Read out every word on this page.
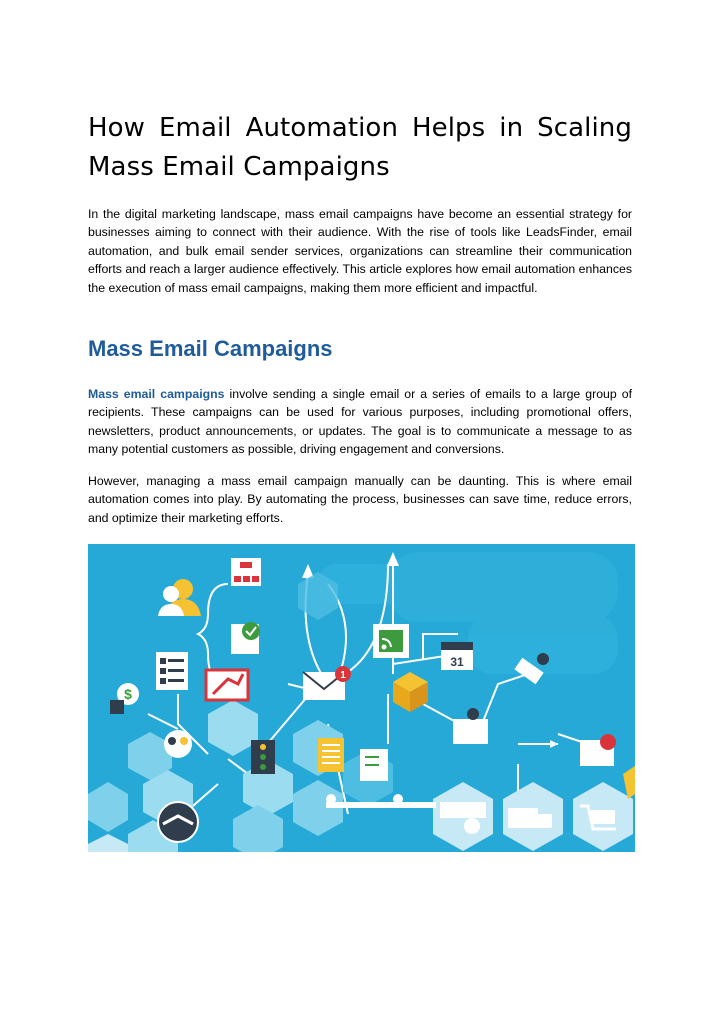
How Email Automation Helps in Scaling Mass Email Campaigns

In the digital marketing landscape, mass email campaigns have become an essential strategy for businesses aiming to connect with their audience. With the rise of tools like LeadsFinder, email automation, and bulk email sender services, organizations can streamline their communication efforts and reach a larger audience effectively. This article explores how email automation enhances the execution of mass email campaigns, making them more efficient and impactful.

Mass Email Campaigns

Mass email campaigns involve sending a single email or a series of emails to a large group of recipients. These campaigns can be used for various purposes, including promotional offers, newsletters, product announcements, or updates. The goal is to communicate a message to as many potential customers as possible, driving engagement and conversions.

However, managing a mass email campaign manually can be daunting. This is where email automation comes into play. By automating the process, businesses can save time, reduce errors, and optimize their marketing efforts.

$
1
31
